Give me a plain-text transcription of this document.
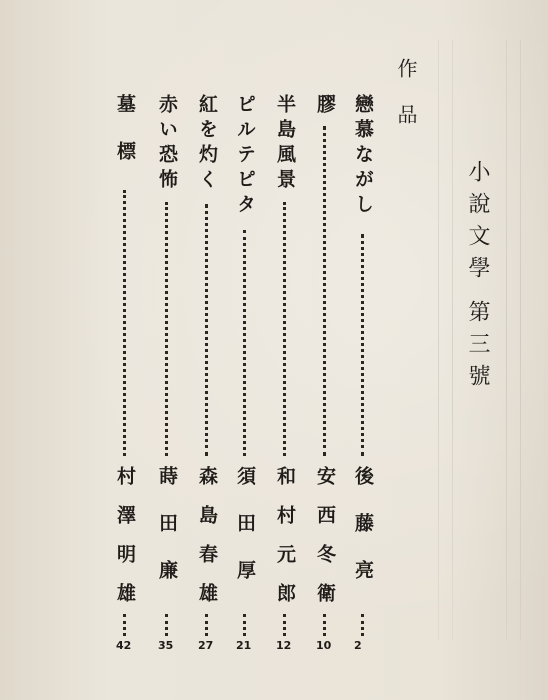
小說文學
第三號
作品
戀慕ながし
後藤亮
2
膠
安西冬衛
10
半島風景
和村元郎
12
ピルテピタ
須田厚
21
紅を灼く
森島春雄
27
赤い恐怖
蒔田廉
35
墓標
村澤明雄
42
